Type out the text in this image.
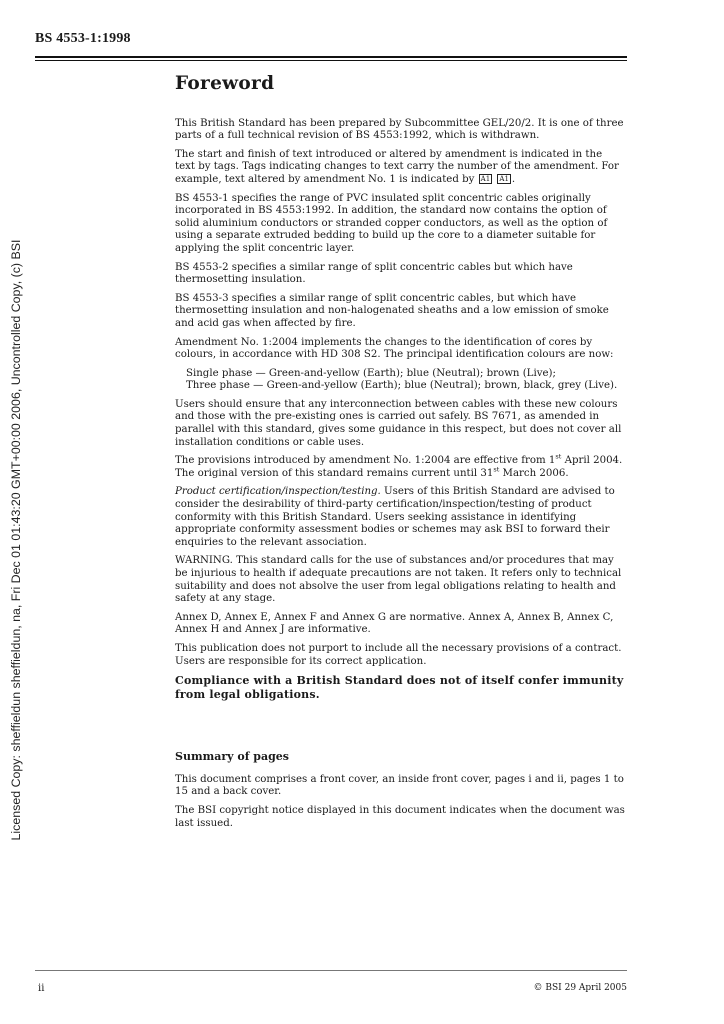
BS 4553-1:1998
Licensed Copy: sheffieldun sheffieldun, na, Fri Dec 01 01:43:20 GMT+00:00 2006, Uncontrolled Copy, (c) BSI
Foreword

This British Standard has been prepared by Subcommittee GEL/20/2. It is one of three parts of a full technical revision of BS 4553:1992, which is withdrawn.

The start and finish of text introduced or altered by amendment is indicated in the text by tags. Tags indicating changes to text carry the number of the amendment. For example, text altered by amendment No. 1 is indicated by A1 A1 .

BS 4553-1 specifies the range of PVC insulated split concentric cables originally incorporated in BS 4553:1992. In addition, the standard now contains the option of solid aluminium conductors or stranded copper conductors, as well as the option of using a separate extruded bedding to build up the core to a diameter suitable for applying the split concentric layer.

BS 4553-2 specifies a similar range of split concentric cables but which have thermosetting insulation.

BS 4553-3 specifies a similar range of split concentric cables, but which have thermosetting insulation and non-halogenated sheaths and a low emission of smoke and acid gas when affected by fire.

Amendment No. 1:2004 implements the changes to the identification of cores by colours, in accordance with HD 308 S2. The principal identification colours are now:

Single phase — Green-and-yellow (Earth); blue (Neutral); brown (Live);

Three phase — Green-and-yellow (Earth); blue (Neutral); brown, black, grey (Live).

Users should ensure that any interconnection between cables with these new colours and those with the pre-existing ones is carried out safely. BS 7671, as amended in parallel with this standard, gives some guidance in this respect, but does not cover all installation conditions or cable uses.

The provisions introduced by amendment No. 1:2004 are effective from 1st April 2004. The original version of this standard remains current until 31st March 2006.

Product certification/inspection/testing. Users of this British Standard are advised to consider the desirability of third-party certification/inspection/testing of product conformity with this British Standard. Users seeking assistance in identifying appropriate conformity assessment bodies or schemes may ask BSI to forward their enquiries to the relevant association.

WARNING. This standard calls for the use of substances and/or procedures that may be injurious to health if adequate precautions are not taken. It refers only to technical suitability and does not absolve the user from legal obligations relating to health and safety at any stage.

Annex D, Annex E, Annex F and Annex G are normative. Annex A, Annex B, Annex C, Annex H and Annex J are informative.

This publication does not purport to include all the necessary provisions of a contract. Users are responsible for its correct application.

Compliance with a British Standard does not of itself confer immunity from legal obligations.

Summary of pages

This document comprises a front cover, an inside front cover, pages i and ii, pages 1 to 15 and a back cover.

The BSI copyright notice displayed in this document indicates when the document was last issued.

ii	© BSI 29 April 2005
